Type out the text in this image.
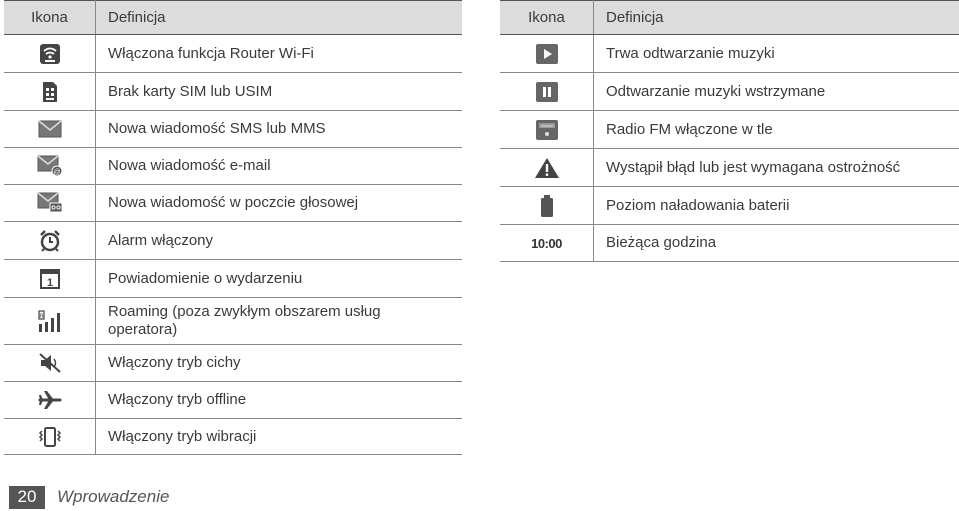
Ikona	Definicja

	Włączona funkcja Router Wi-Fi

	Brak karty SIM lub USIM

	Nowa wiadomość SMS lub MMS

@	Nowa wiadomość e-mail

	Nowa wiadomość w poczcie głosowej

	Alarm włączony

1	Powiadomienie o wydarzeniu

R	Roaming (poza zwykłym obszarem usług operatora)

	Włączony tryb cichy

	Włączony tryb offline

	Włączony tryb wibracji
Ikona	Definicja

	Trwa odtwarzanie muzyki

	Odtwarzanie muzyki wstrzymane

	Radio FM włączone w tle

	Wystąpił błąd lub jest wymagana ostrożność

	Poziom naładowania baterii
10:00	Bieżąca godzina
20	Wprowadzenie
